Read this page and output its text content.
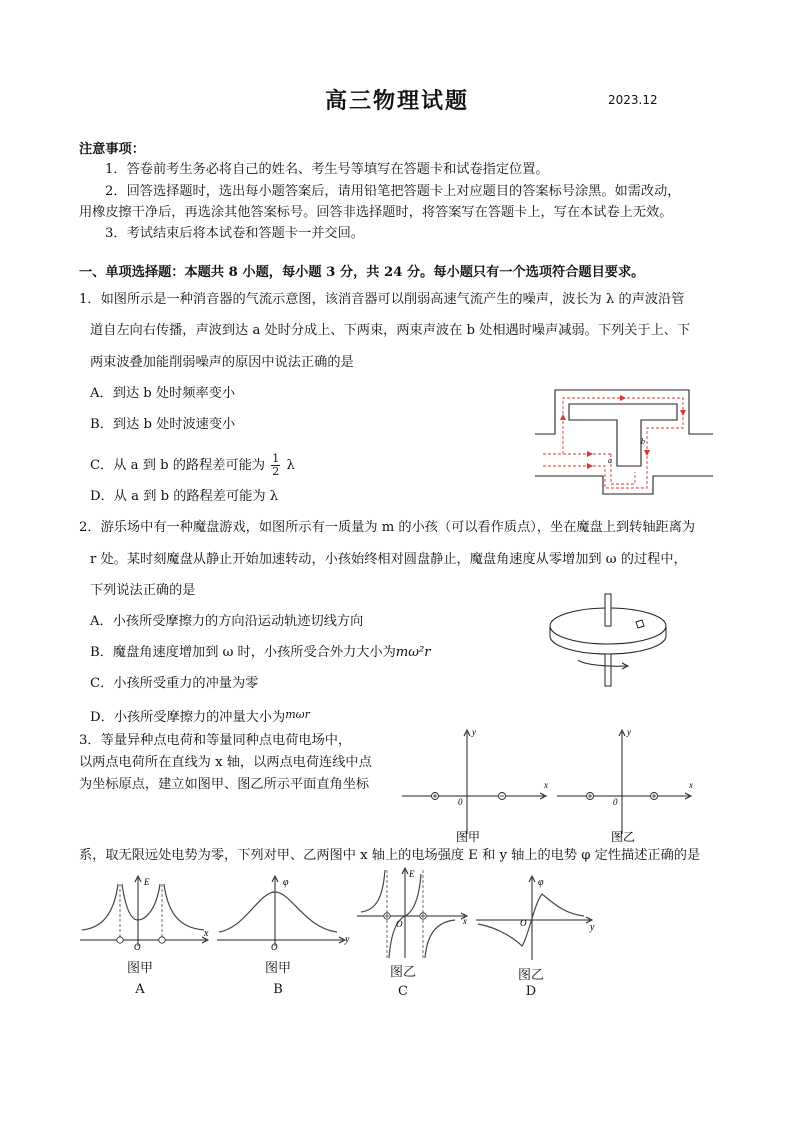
高三物理试题	2023.12
注意事项：
1．答卷前考生务必将自己的姓名、考生号等填写在答题卡和试卷指定位置。
2．回答选择题时，选出每小题答案后，请用铅笔把答题卡上对应题目的答案标号涂黑。如需改动，
用橡皮擦干净后，再选涂其他答案标号。回答非选择题时，将答案写在答题卡上，写在本试卷上无效。
3．考试结束后将本试卷和答题卡一并交回。
一、单项选择题：本题共 8 小题，每小题 3 分，共 24 分。每小题只有一个选项符合题目要求。
1．如图所示是一种消音器的气流示意图，该消音器可以削弱高速气流产生的噪声，波长为 λ 的声波沿管
道自左向右传播，声波到达 a 处时分成上、下两束，两束声波在 b 处相遇时噪声减弱。下列关于上、下
两束波叠加能削弱噪声的原因中说法正确的是
A．到达 b 处时频率变小
B．到达 b 处时波速变小
C．从 a 到 b 的路程差可能为 $\frac{1}{2}$ λ
D．从 a 到 b 的路程差可能为 λ
a
b
2．游乐场中有一种魔盘游戏，如图所示有一质量为 m 的小孩（可以看作质点），坐在魔盘上到转轴距离为
r 处。某时刻魔盘从静止开始加速转动，小孩始终相对圆盘静止，魔盘角速度从零增加到 ω 的过程中，
下列说法正确的是
A．小孩所受摩擦力的方向沿运动轨迹切线方向
B．魔盘角速度增加到 ω 时，小孩所受合外力大小为mω²r
C．小孩所受重力的冲量为零
D．小孩所受摩擦力的冲量大小为$^{m\omega r}$
3．等量异种点电荷和等量同种点电荷电场中，
以两点电荷所在直线为 x 轴，以两点电荷连线中点
为坐标原点，建立如图甲、图乙所示平面直角坐标	x
y
0
图甲
x
y
0
图乙
系，取无限远处电势为零，下列对甲、乙两图中 x 轴上的电场强度 E 和 y 轴上的电势 φ 定性描述正确的是
E
x
O
图甲
A
φ
y
O
图甲
B
E
x
O
图乙
C
φ
y
O
图乙
D
